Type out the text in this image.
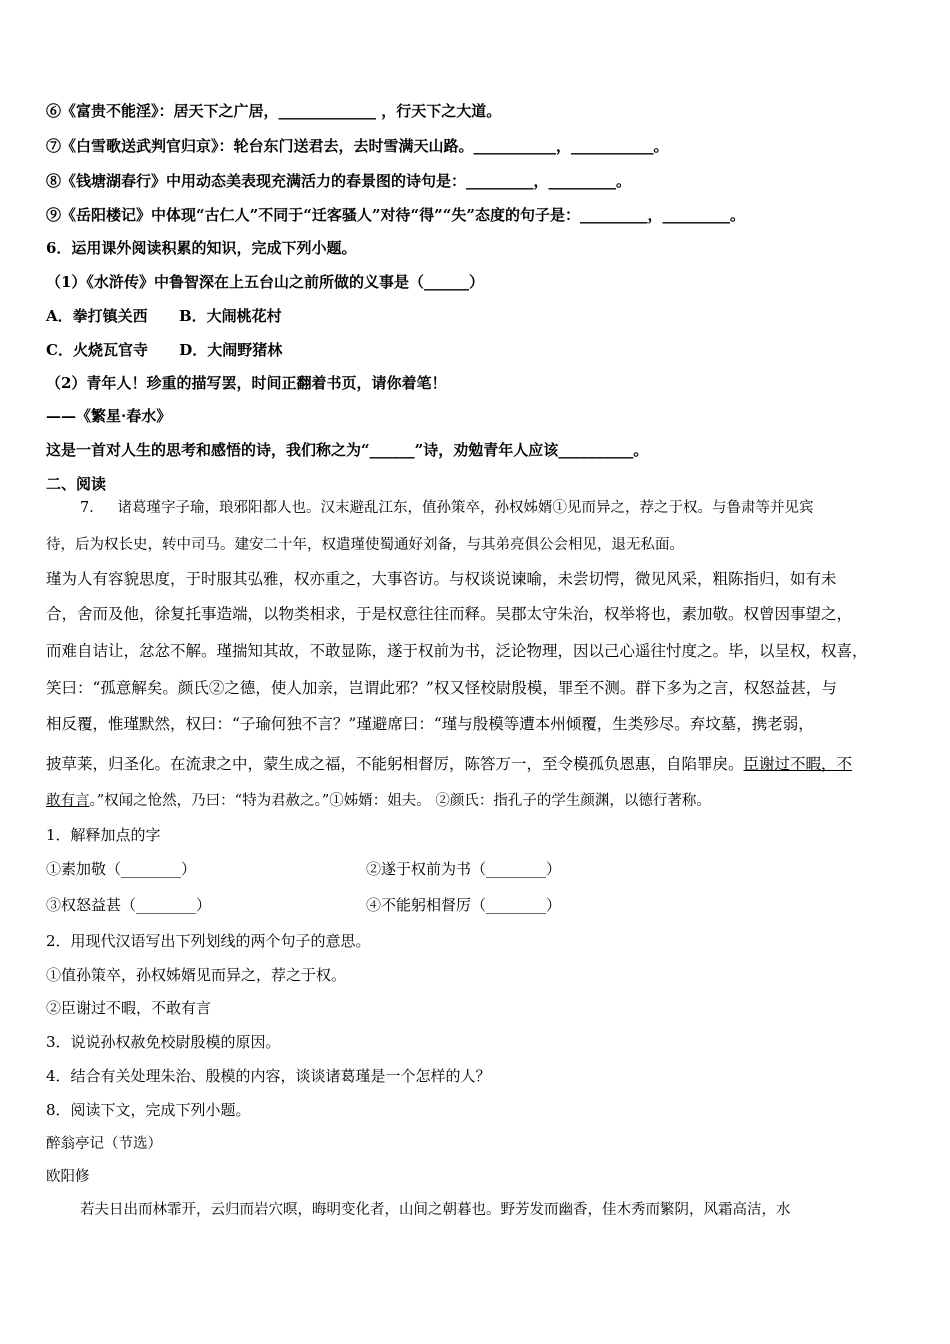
⑥《富贵不能淫》：居天下之广居，_____________ ，行天下之大道。
⑦《白雪歌送武判官归京》：轮台东门送君去，去时雪满天山路。___________，___________。
⑧《钱塘湖春行》中用动态美表现充满活力的春景图的诗句是：_________，_________。
⑨《岳阳楼记》中体现“古仁人”不同于“迁客骚人”对待“得”“失”态度的句子是：_________，_________。
6．运用课外阅读积累的知识，完成下列小题。
（1）《水浒传》中鲁智深在上五台山之前所做的义事是（______）
A．拳打镇关西      B．大闹桃花村
C．火烧瓦官寺      D．大闹野猪林
（2）青年人！珍重的描写罢，时间正翻着书页，请你着笔！
——《繁星·春水》
这是一首对人生的思考和感悟的诗，我们称之为“______”诗，劝勉青年人应该__________。
二、阅读
7．   诸葛瑾字子瑜，琅邪阳都人也。汉末避乱江东，值孙策卒，孙权姊婿①见而异之，荐之于权。与鲁肃等并见宾
待，后为权长史，转中司马。建安二十年，权遣瑾使蜀通好刘备，与其弟亮俱公会相见，退无私面。
瑾为人有容貌思度，于时服其弘雅，权亦重之，大事咨访。与权谈说谏喻，未尝切愕，微见风采，粗陈指归，如有未
合，舍而及他，徐复托事造端，以物类相求，于是权意往往而释。吴郡太守朱治，权举将也，素加敬。权曾因事望之，
而难自诘让，忿忿不解。瑾揣知其故，不敢显陈，遂于权前为书，泛论物理，因以己心遥往忖度之。毕，以呈权，权喜，
笑曰：“孤意解矣。颜氏②之德，使人加亲，岂谓此邪？”权又怪校尉殷模，罪至不测。群下多为之言，权怒益甚，与
相反覆，惟瑾默然，权曰：“子瑜何独不言？”瑾避席曰：“瑾与殷模等遭本州倾覆，生类殄尽。弃坟墓，携老弱，
披草莱，归圣化。在流隶之中，蒙生成之福，不能躬相督厉，陈答万一，至令模孤负恩惠，自陷罪戾。臣谢过不暇，不
敢有言。”权闻之怆然，乃曰：“特为君赦之。”①姊婿：姐夫。 ②颜氏：指孔子的学生颜渊，以德行著称。
1．解释加点的字
①素加敬（________）	②遂于权前为书（________）
③权怒益甚（________）	④不能躬相督厉（________）
2．用现代汉语写出下列划线的两个句子的意思。
①值孙策卒，孙权姊婿见而异之，荐之于权。
②臣谢过不暇，不敢有言
3．说说孙权赦免校尉殷模的原因。
4．结合有关处理朱治、殷模的内容，谈谈诸葛瑾是一个怎样的人？
8．阅读下文，完成下列小题。
醉翁亭记（节选）
欧阳修
若夫日出而林霏开，云归而岩穴暝，晦明变化者，山间之朝暮也。野芳发而幽香，佳木秀而繁阴，风霜高洁，水
